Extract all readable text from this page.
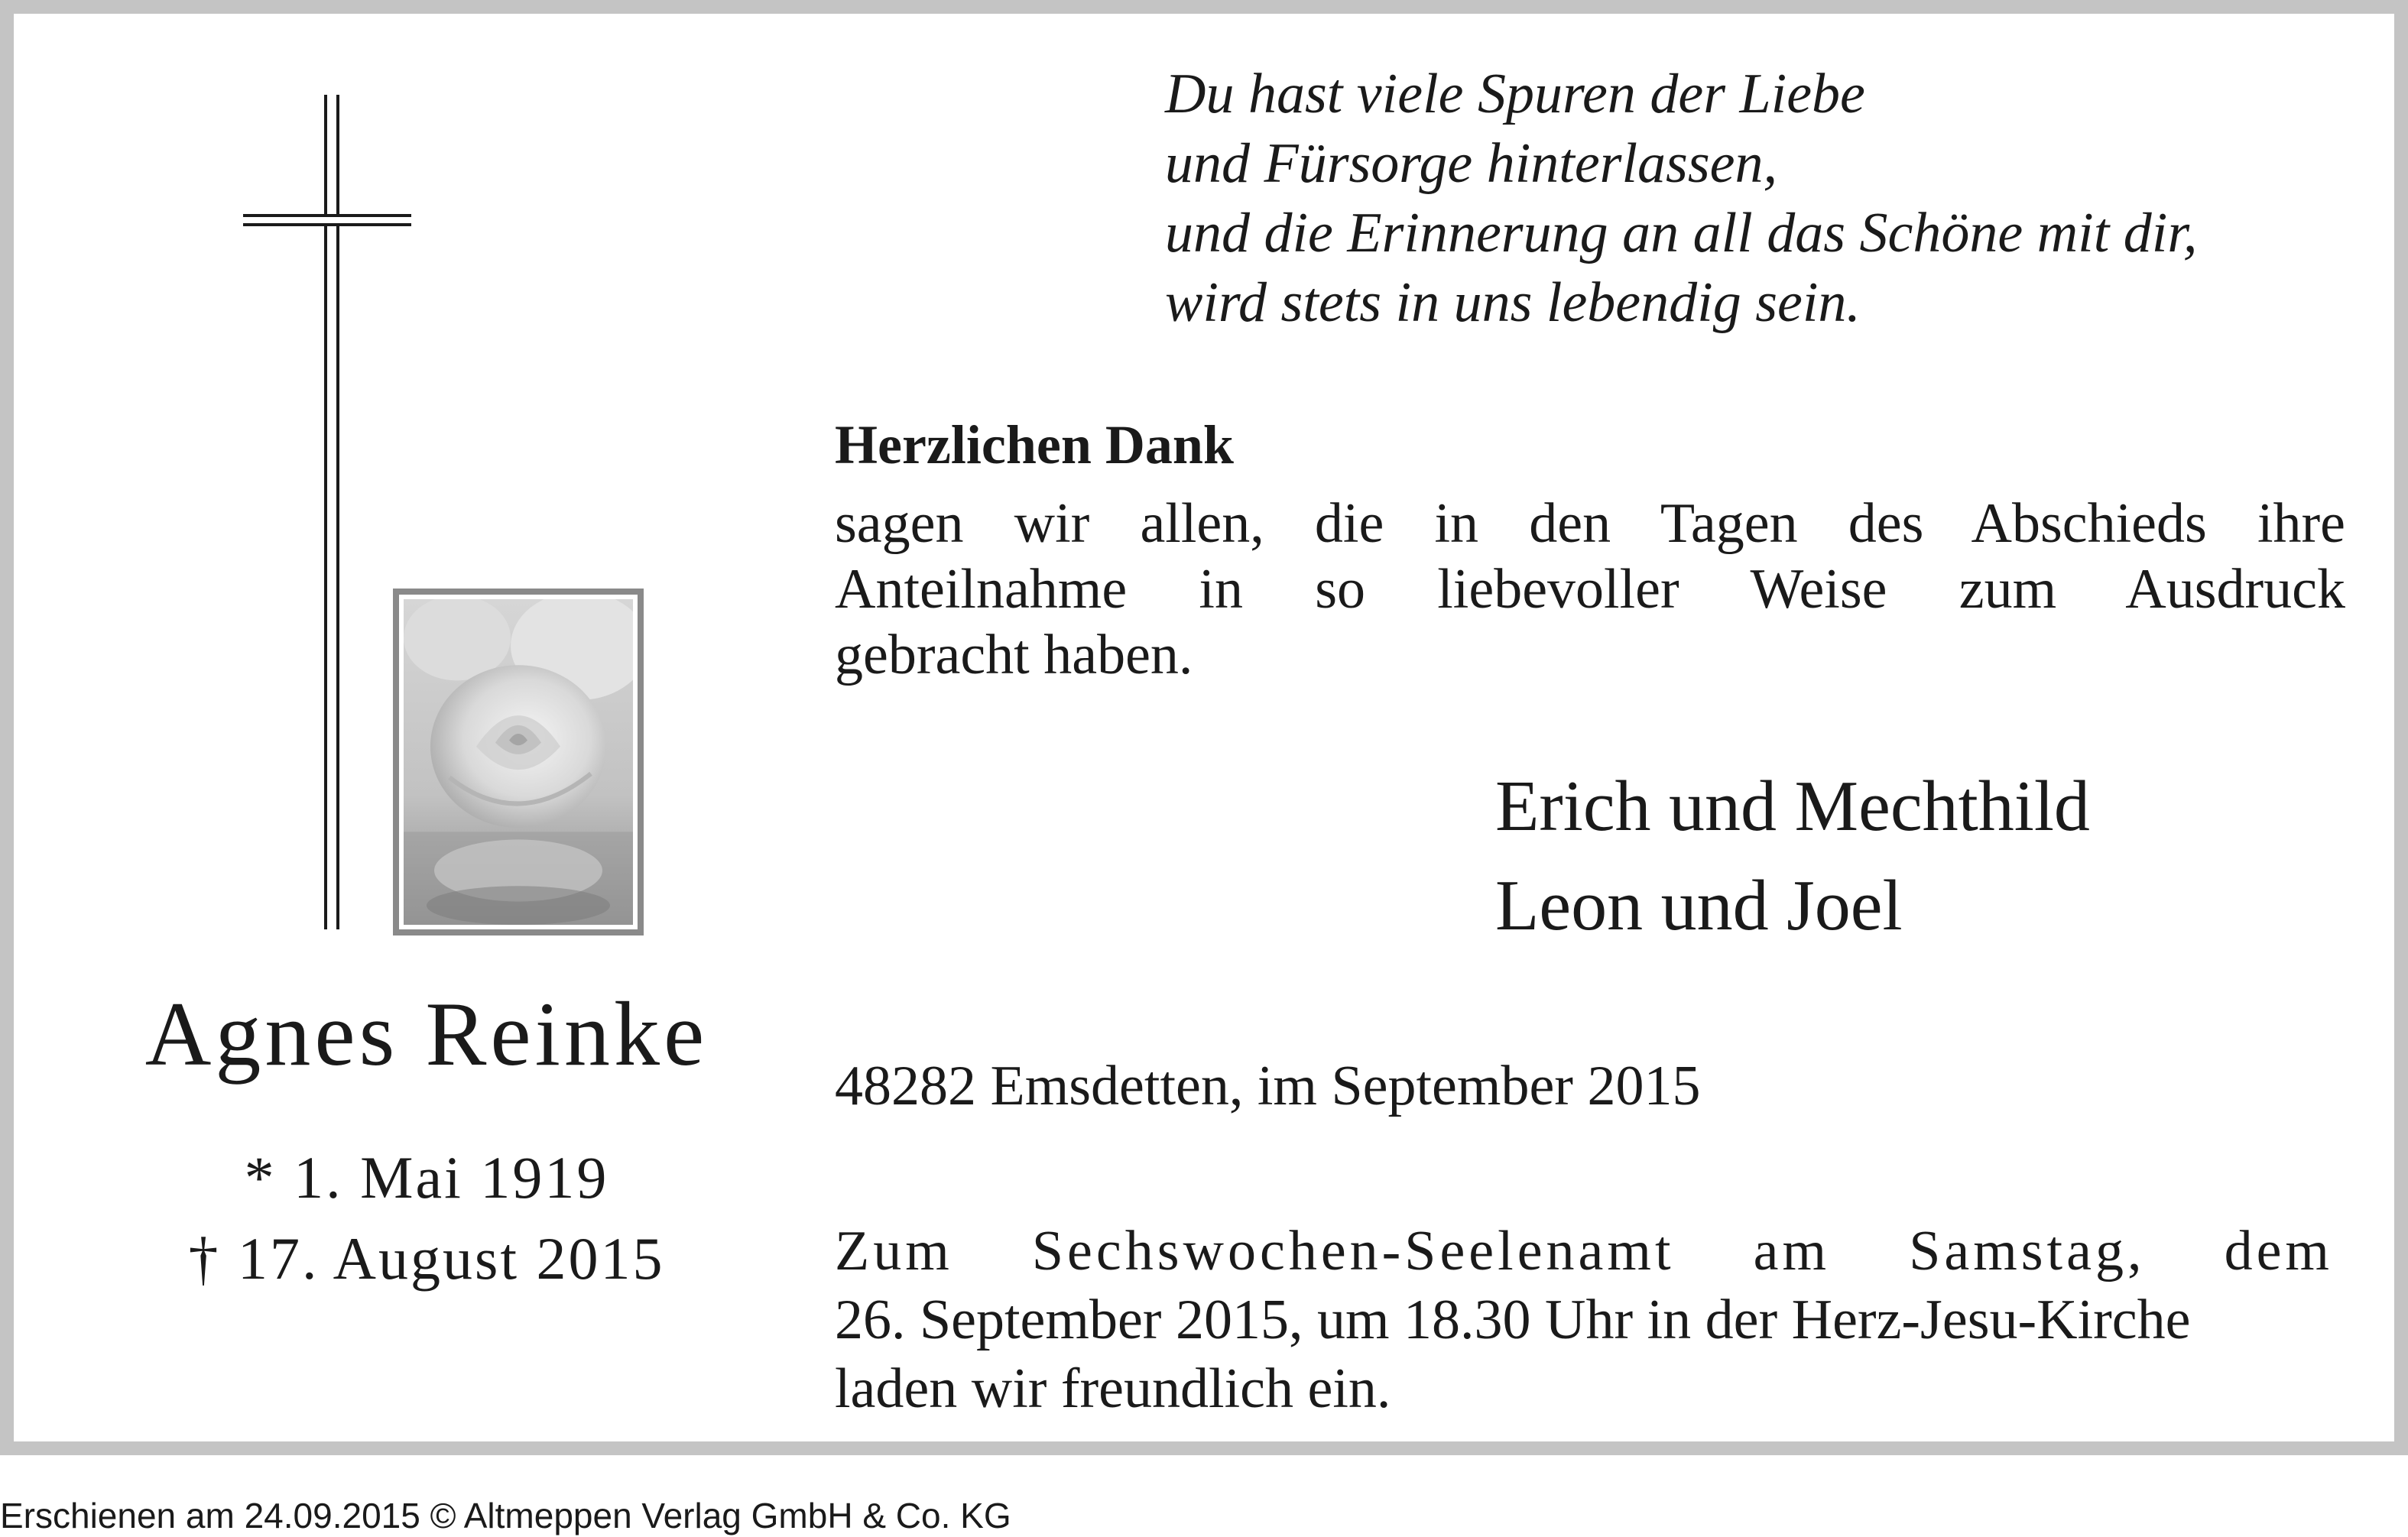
Agnes Reinke
* 1. Mai 1919
† 17. August 2015
Du hast viele Spuren der Liebe
und Fürsorge hinterlassen,
und die Erinnerung an all das Schöne mit dir,
wird stets in uns lebendig sein.
Herzlichen Dank
sagen wir allen, die in den Tagen des Abschieds ihre
Anteilnahme in so liebevoller Weise zum Ausdruck
gebracht haben.
Erich und Mechthild
Leon und Joel
48282 Emsdetten, im September 2015
Zum Sechswochen-Seelenamt am Samstag, dem
26. September 2015, um 18.30 Uhr in der Herz-Jesu-Kirche
laden wir freundlich ein.
Erschienen am 24.09.2015 © Altmeppen Verlag GmbH & Co. KG
